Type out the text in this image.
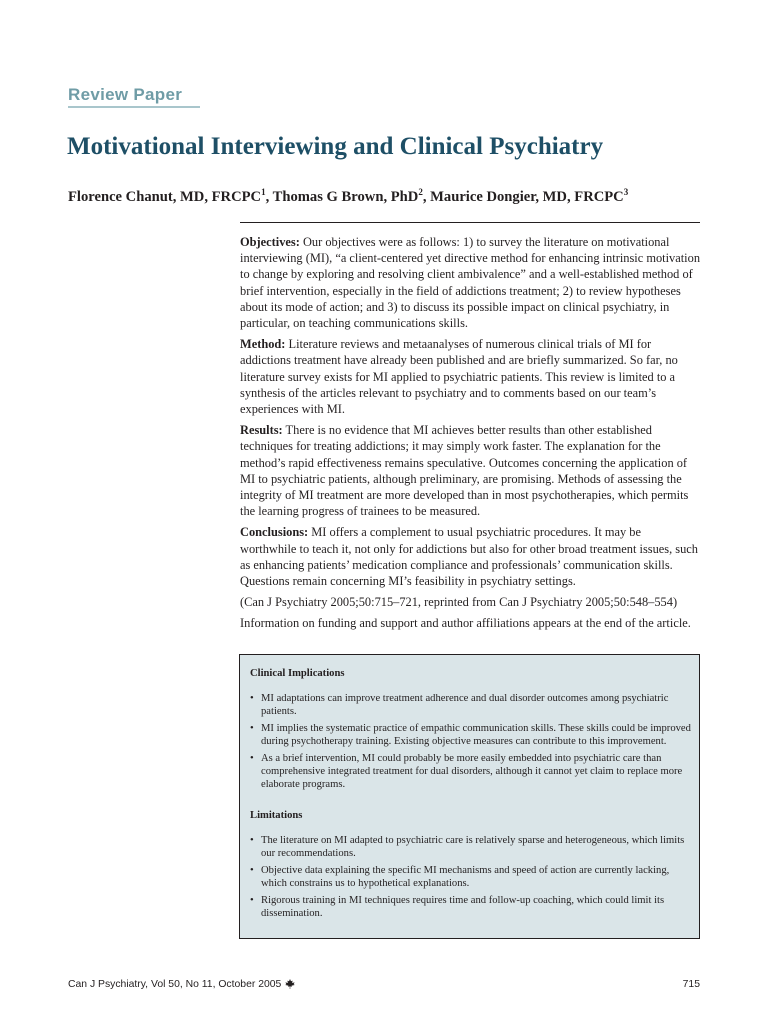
Review Paper
Motivational Interviewing and Clinical Psychiatry

Florence Chanut, MD, FRCPC$^1$, Thomas G Brown, PhD$^2$, Maurice Dongier, MD, FRCPC$^3$

Objectives: Our objectives were as follows: 1) to survey the literature on motivational interviewing (MI), “a client-centered yet directive method for enhancing intrinsic motivation to change by exploring and resolving client ambivalence” and a well-established method of brief intervention, especially in the field of addictions treatment; 2) to review hypotheses about its mode of action; and 3) to discuss its possible impact on clinical psychiatry, in particular, on teaching communications skills.

Method: Literature reviews and metaanalyses of numerous clinical trials of MI for addictions treatment have already been published and are briefly summarized. So far, no literature survey exists for MI applied to psychiatric patients. This review is limited to a synthesis of the articles relevant to psychiatry and to comments based on our team’s experiences with MI.

Results: There is no evidence that MI achieves better results than other established techniques for treating addictions; it may simply work faster. The explanation for the method’s rapid effectiveness remains speculative. Outcomes concerning the application of MI to psychiatric patients, although preliminary, are promising. Methods of assessing the integrity of MI treatment are more developed than in most psychotherapies, which permits the learning progress of trainees to be measured.

Conclusions: MI offers a complement to usual psychiatric procedures. It may be worthwhile to teach it, not only for addictions but also for other broad treatment issues, such as enhancing patients’ medication compliance and professionals’ communication skills. Questions remain concerning MI’s feasibility in psychiatry settings.

(Can J Psychiatry 2005;50:715–721, reprinted from Can J Psychiatry 2005;50:548–554)

Information on funding and support and author affiliations appears at the end of the article.

Clinical Implications
• MI adaptations can improve treatment adherence and dual disorder outcomes among psychiatric patients.
• MI implies the systematic practice of empathic communication skills. These skills could be improved during psychotherapy training. Existing objective measures can contribute to this improvement.
• As a brief intervention, MI could probably be more easily embedded into psychiatric care than comprehensive integrated treatment for dual disorders, although it cannot yet claim to replace more elaborate programs.
Limitations
• The literature on MI adapted to psychiatric care is relatively sparse and heterogeneous, which limits our recommendations.
• Objective data explaining the specific MI mechanisms and speed of action are currently lacking, which constrains us to hypothetical explanations.
• Rigorous training in MI techniques requires time and follow-up coaching, which could limit its dissemination.
Can J Psychiatry, Vol 50, No 11, October 2005	715
